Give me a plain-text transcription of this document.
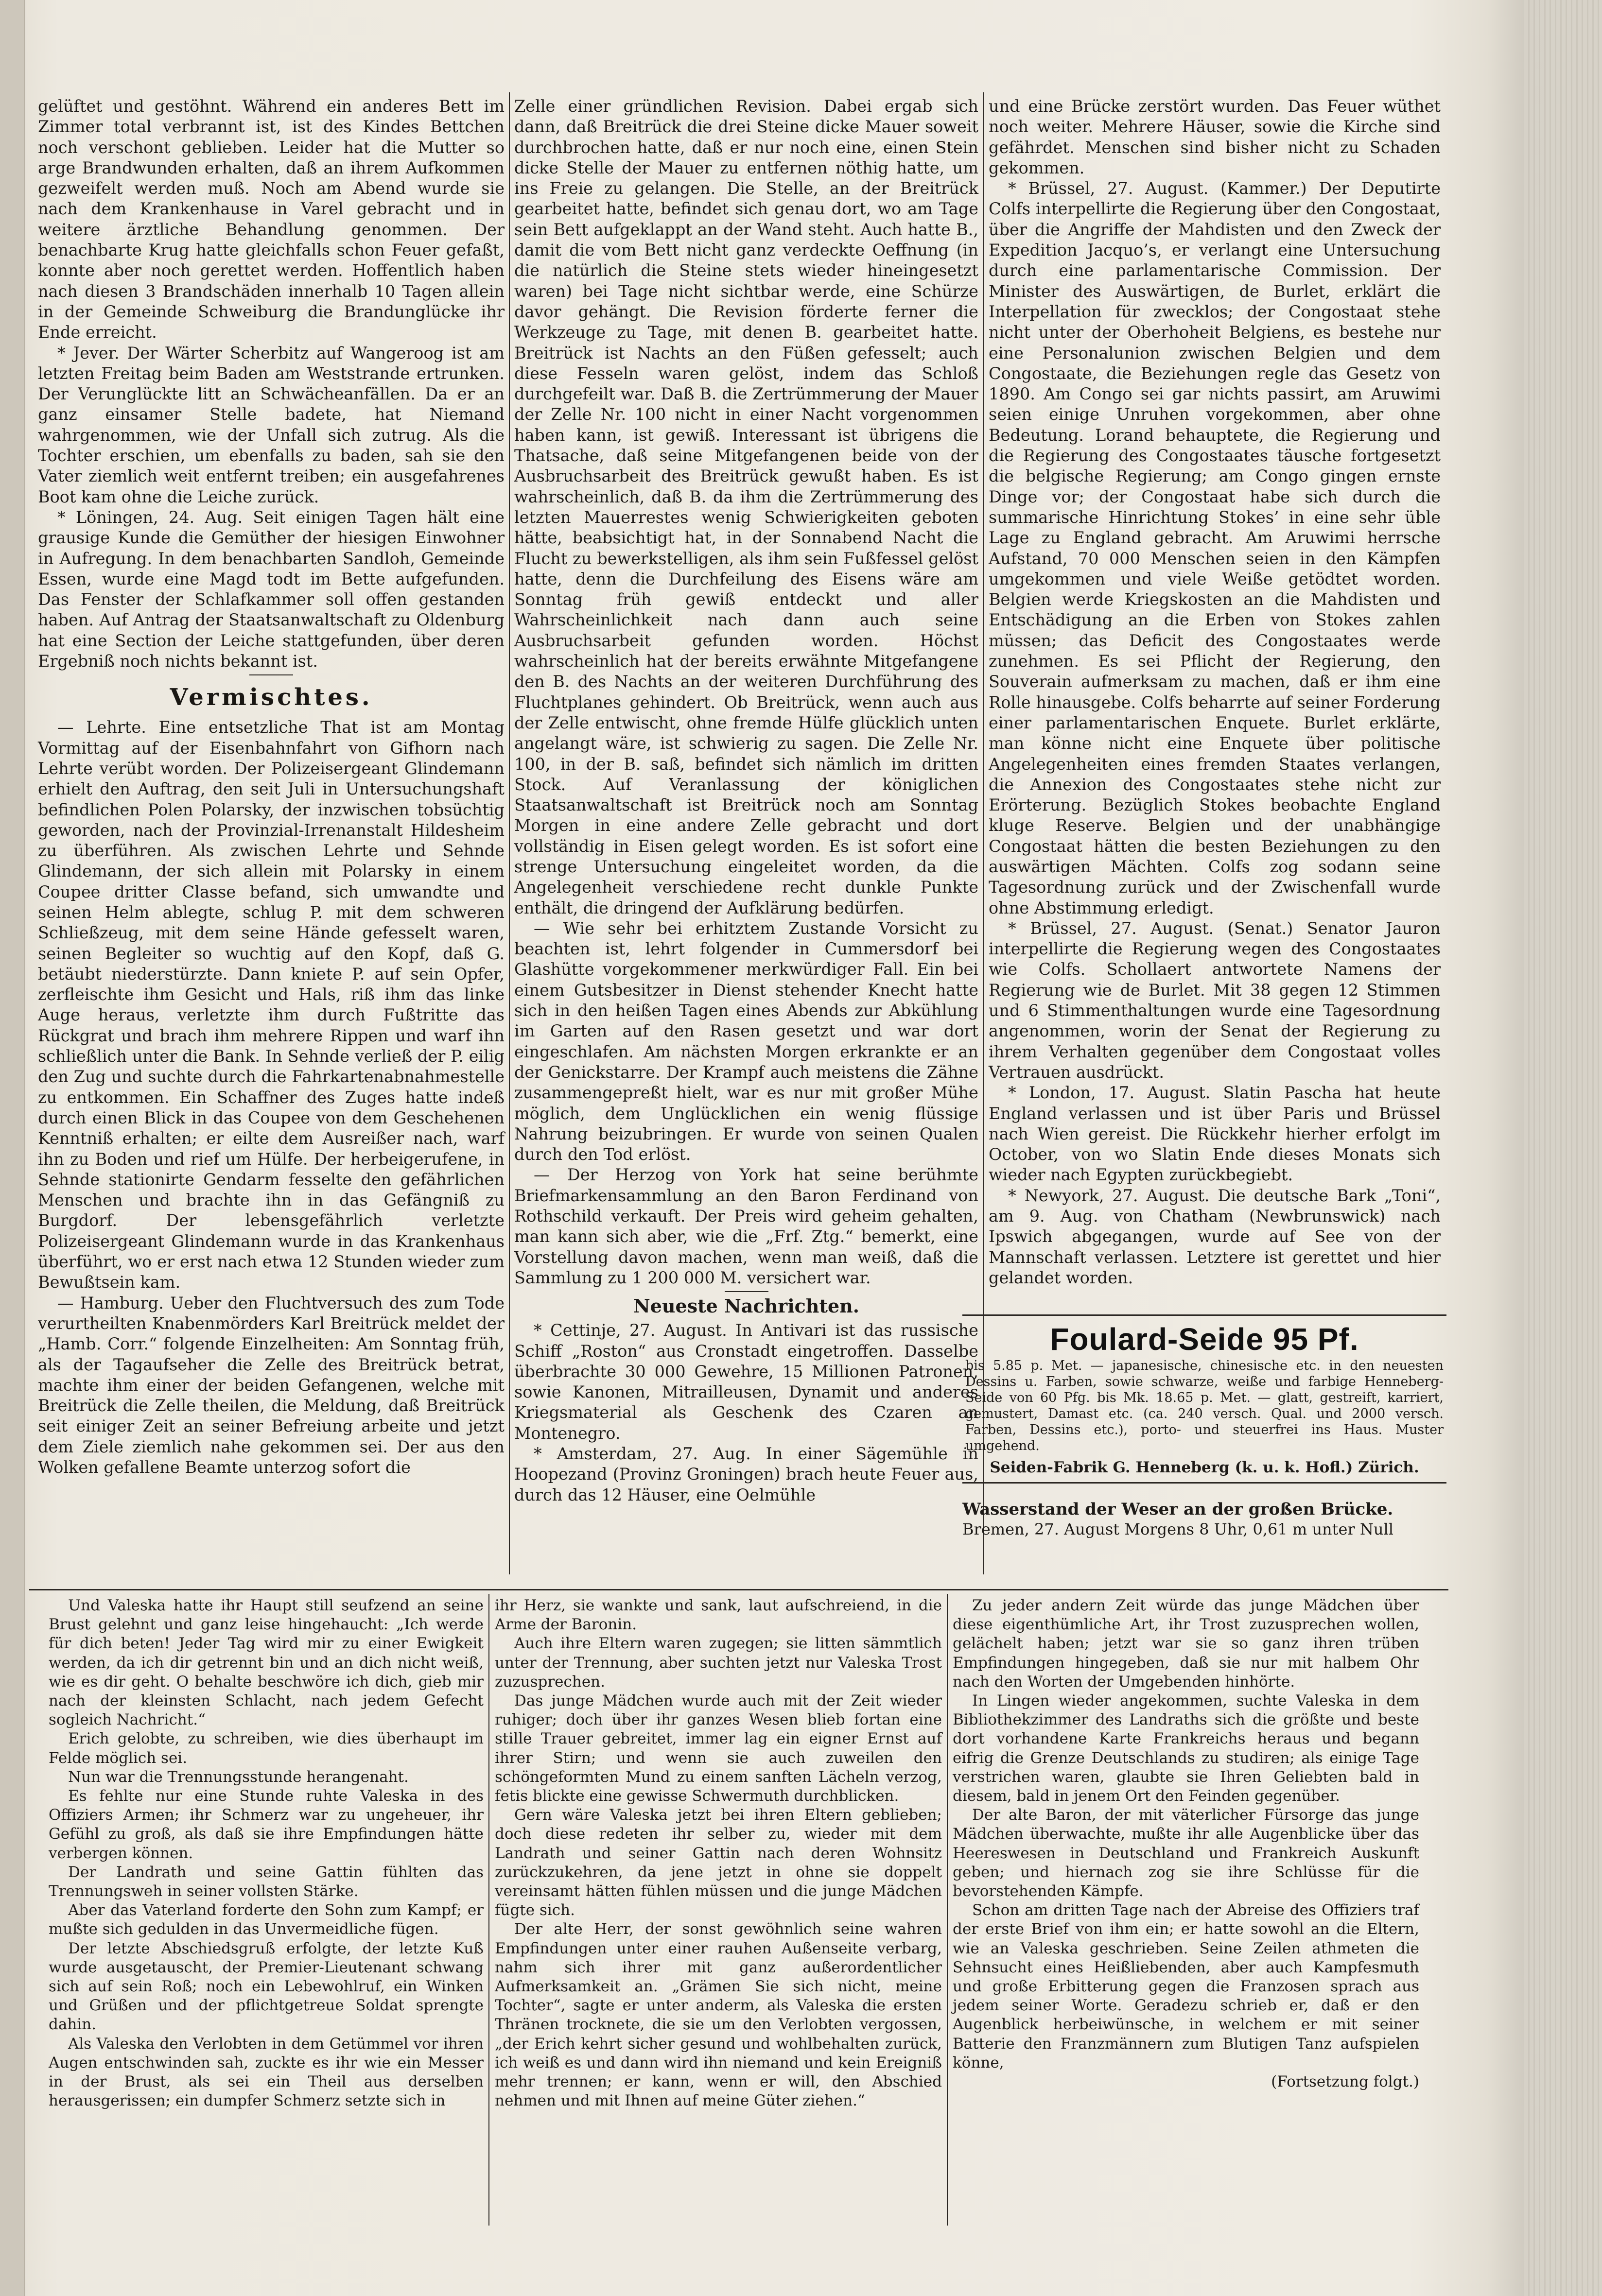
gelüftet und gestöhnt. Während ein anderes Bett im Zimmer total verbrannt ist, ist des Kindes Bettchen noch verschont geblieben. Leider hat die Mutter so arge Brandwunden erhalten, daß an ihrem Aufkommen gezweifelt werden muß. Noch am Abend wurde sie nach dem Krankenhause in Varel gebracht und in weitere ärztliche Behandlung genommen. Der benachbarte Krug hatte gleichfalls schon Feuer gefaßt, konnte aber noch gerettet werden. Hoffentlich haben nach diesen 3 Brandschäden innerhalb 10 Tagen allein in der Gemeinde Schweiburg die Brandunglücke ihr Ende erreicht.

* Jever. Der Wärter Scherbitz auf Wangeroog ist am letzten Freitag beim Baden am Weststrande ertrunken. Der Verunglückte litt an Schwächeanfällen. Da er an ganz einsamer Stelle badete, hat Niemand wahrgenommen, wie der Unfall sich zutrug. Als die Tochter erschien, um ebenfalls zu baden, sah sie den Vater ziemlich weit entfernt treiben; ein ausgefahrenes Boot kam ohne die Leiche zurück.

* Löningen, 24. Aug. Seit einigen Tagen hält eine grausige Kunde die Gemüther der hiesigen Einwohner in Aufregung. In dem benachbarten Sandloh, Gemeinde Essen, wurde eine Magd todt im Bette aufgefunden. Das Fenster der Schlafkammer soll offen gestanden haben. Auf Antrag der Staatsanwaltschaft zu Oldenburg hat eine Section der Leiche stattgefunden, über deren Ergebniß noch nichts bekannt ist.

Vermischtes.

— Lehrte. Eine entsetzliche That ist am Montag Vormittag auf der Eisenbahnfahrt von Gifhorn nach Lehrte verübt worden. Der Polizeisergeant Glindemann erhielt den Auftrag, den seit Juli in Untersuchungshaft befindlichen Polen Polarsky, der inzwischen tobsüchtig geworden, nach der Provinzial-Irrenanstalt Hildesheim zu überführen. Als zwischen Lehrte und Sehnde Glindemann, der sich allein mit Polarsky in einem Coupee dritter Classe befand, sich umwandte und seinen Helm ablegte, schlug P. mit dem schweren Schließzeug, mit dem seine Hände gefesselt waren, seinen Begleiter so wuchtig auf den Kopf, daß G. betäubt niederstürzte. Dann kniete P. auf sein Opfer, zerfleischte ihm Gesicht und Hals, riß ihm das linke Auge heraus, verletzte ihm durch Fußtritte das Rückgrat und brach ihm mehrere Rippen und warf ihn schließlich unter die Bank. In Sehnde verließ der P. eilig den Zug und suchte durch die Fahrkartenabnahmestelle zu entkommen. Ein Schaffner des Zuges hatte indeß durch einen Blick in das Coupee von dem Geschehenen Kenntniß erhalten; er eilte dem Ausreißer nach, warf ihn zu Boden und rief um Hülfe. Der herbeigerufene, in Sehnde stationirte Gendarm fesselte den gefährlichen Menschen und brachte ihn in das Gefängniß zu Burgdorf. Der lebensgefährlich verletzte Polizeisergeant Glindemann wurde in das Krankenhaus überführt, wo er erst nach etwa 12 Stunden wieder zum Bewußtsein kam.

— Hamburg. Ueber den Fluchtversuch des zum Tode verurtheilten Knabenmörders Karl Breitrück meldet der „Hamb. Corr.“ folgende Einzelheiten: Am Sonntag früh, als der Tagaufseher die Zelle des Breitrück betrat, machte ihm einer der beiden Gefangenen, welche mit Breitrück die Zelle theilen, die Meldung, daß Breitrück seit einiger Zeit an seiner Befreiung arbeite und jetzt dem Ziele ziemlich nahe gekommen sei. Der aus den Wolken gefallene Beamte unterzog sofort die

Zelle einer gründlichen Revision. Dabei ergab sich dann, daß Breitrück die drei Steine dicke Mauer soweit durchbrochen hatte, daß er nur noch eine, einen Stein dicke Stelle der Mauer zu entfernen nöthig hatte, um ins Freie zu gelangen. Die Stelle, an der Breitrück gearbeitet hatte, befindet sich genau dort, wo am Tage sein Bett aufgeklappt an der Wand steht. Auch hatte B., damit die vom Bett nicht ganz verdeckte Oeffnung (in die natürlich die Steine stets wieder hineingesetzt waren) bei Tage nicht sichtbar werde, eine Schürze davor gehängt. Die Revision förderte ferner die Werkzeuge zu Tage, mit denen B. gearbeitet hatte. Breitrück ist Nachts an den Füßen gefesselt; auch diese Fesseln waren gelöst, indem das Schloß durchgefeilt war. Daß B. die Zertrümmerung der Mauer der Zelle Nr. 100 nicht in einer Nacht vorgenommen haben kann, ist gewiß. Interessant ist übrigens die Thatsache, daß seine Mitgefangenen beide von der Ausbruchsarbeit des Breitrück gewußt haben. Es ist wahrscheinlich, daß B. da ihm die Zertrümmerung des letzten Mauerrestes wenig Schwierigkeiten geboten hätte, beabsichtigt hat, in der Sonnabend Nacht die Flucht zu bewerkstelligen, als ihm sein Fußfessel gelöst hatte, denn die Durchfeilung des Eisens wäre am Sonntag früh gewiß entdeckt und aller Wahrscheinlichkeit nach dann auch seine Ausbruchsarbeit gefunden worden. Höchst wahrscheinlich hat der bereits erwähnte Mitgefangene den B. des Nachts an der weiteren Durchführung des Fluchtplanes gehindert. Ob Breitrück, wenn auch aus der Zelle entwischt, ohne fremde Hülfe glücklich unten angelangt wäre, ist schwierig zu sagen. Die Zelle Nr. 100, in der B. saß, befindet sich nämlich im dritten Stock. Auf Veranlassung der königlichen Staatsanwaltschaft ist Breitrück noch am Sonntag Morgen in eine andere Zelle gebracht und dort vollständig in Eisen gelegt worden. Es ist sofort eine strenge Untersuchung eingeleitet worden, da die Angelegenheit verschiedene recht dunkle Punkte enthält, die dringend der Aufklärung bedürfen.

— Wie sehr bei erhitztem Zustande Vorsicht zu beachten ist, lehrt folgender in Cummersdorf bei Glashütte vorgekommener merkwürdiger Fall. Ein bei einem Gutsbesitzer in Dienst stehender Knecht hatte sich in den heißen Tagen eines Abends zur Abkühlung im Garten auf den Rasen gesetzt und war dort eingeschlafen. Am nächsten Morgen erkrankte er an der Genickstarre. Der Krampf auch meistens die Zähne zusammengepreßt hielt, war es nur mit großer Mühe möglich, dem Unglücklichen ein wenig flüssige Nahrung beizubringen. Er wurde von seinen Qualen durch den Tod erlöst.

— Der Herzog von York hat seine berühmte Briefmarkensammlung an den Baron Ferdinand von Rothschild verkauft. Der Preis wird geheim gehalten, man kann sich aber, wie die „Frf. Ztg.“ bemerkt, eine Vorstellung davon machen, wenn man weiß, daß die Sammlung zu 1 200 000 M. versichert war.

Neueste Nachrichten.

* Cettinje, 27. August. In Antivari ist das russische Schiff „Roston“ aus Cronstadt eingetroffen. Dasselbe überbrachte 30 000 Gewehre, 15 Millionen Patronen, sowie Kanonen, Mitrailleusen, Dynamit und anderes Kriegsmaterial als Geschenk des Czaren an Montenegro.

* Amsterdam, 27. Aug. In einer Sägemühle in Hoopezand (Provinz Groningen) brach heute Feuer aus, durch das 12 Häuser, eine Oelmühle

und eine Brücke zerstört wurden. Das Feuer wüthet noch weiter. Mehrere Häuser, sowie die Kirche sind gefährdet. Menschen sind bisher nicht zu Schaden gekommen.

* Brüssel, 27. August. (Kammer.) Der Deputirte Colfs interpellirte die Regierung über den Congostaat, über die Angriffe der Mahdisten und den Zweck der Expedition Jacquo’s, er verlangt eine Untersuchung durch eine parlamentarische Commission. Der Minister des Auswärtigen, de Burlet, erklärt die Interpellation für zwecklos; der Congostaat stehe nicht unter der Oberhoheit Belgiens, es bestehe nur eine Personalunion zwischen Belgien und dem Congostaate, die Beziehungen regle das Gesetz von 1890. Am Congo sei gar nichts passirt, am Aruwimi seien einige Unruhen vorgekommen, aber ohne Bedeutung. Lorand behauptete, die Regierung und die Regierung des Congostaates täusche fortgesetzt die belgische Regierung; am Congo gingen ernste Dinge vor; der Congostaat habe sich durch die summarische Hinrichtung Stokes’ in eine sehr üble Lage zu England gebracht. Am Aruwimi herrsche Aufstand, 70 000 Menschen seien in den Kämpfen umgekommen und viele Weiße getödtet worden. Belgien werde Kriegskosten an die Mahdisten und Entschädigung an die Erben von Stokes zahlen müssen; das Deficit des Congostaates werde zunehmen. Es sei Pflicht der Regierung, den Souverain aufmerksam zu machen, daß er ihm eine Rolle hinausgebe. Colfs beharrte auf seiner Forderung einer parlamentarischen Enquete. Burlet erklärte, man könne nicht eine Enquete über politische Angelegenheiten eines fremden Staates verlangen, die Annexion des Congostaates stehe nicht zur Erörterung. Bezüglich Stokes beobachte England kluge Reserve. Belgien und der unabhängige Congostaat hätten die besten Beziehungen zu den auswärtigen Mächten. Colfs zog sodann seine Tagesordnung zurück und der Zwischenfall wurde ohne Abstimmung erledigt.

* Brüssel, 27. August. (Senat.) Senator Jauron interpellirte die Regierung wegen des Congostaates wie Colfs. Schollaert antwortete Namens der Regierung wie de Burlet. Mit 38 gegen 12 Stimmen und 6 Stimmenthaltungen wurde eine Tagesordnung angenommen, worin der Senat der Regierung zu ihrem Verhalten gegenüber dem Congostaat volles Vertrauen ausdrückt.

* London, 17. August. Slatin Pascha hat heute England verlassen und ist über Paris und Brüssel nach Wien gereist. Die Rückkehr hierher erfolgt im October, von wo Slatin Ende dieses Monats sich wieder nach Egypten zurückbegiebt.

* Newyork, 27. August. Die deutsche Bark „Toni“, am 9. Aug. von Chatham (Newbrunswick) nach Ipswich abgegangen, wurde auf See von der Mannschaft verlassen. Letztere ist gerettet und hier gelandet worden.

Foulard-Seide 95 Pf.
bis 5.85 p. Met. — japanesische, chinesische etc. in den neuesten Dessins u. Farben, sowie schwarze, weiße und farbige Henneberg-Seide von 60 Pfg. bis Mk. 18.65 p. Met. — glatt, gestreift, karriert, gemustert, Damast etc. (ca. 240 versch. Qual. und 2000 versch. Farben, Dessins etc.), porto- und steuerfrei ins Haus. Muster umgehend.
Seiden-Fabrik G. Henneberg (k. u. k. Hofl.) Zürich.
Wasserstand der Weser an der großen Brücke.
Bremen, 27. August Morgens 8 Uhr, 0,61 m unter Null

Und Valeska hatte ihr Haupt still seufzend an seine Brust gelehnt und ganz leise hingehaucht: „Ich werde für dich beten! Jeder Tag wird mir zu einer Ewigkeit werden, da ich dir getrennt bin und an dich nicht weiß, wie es dir geht. O behalte beschwöre ich dich, gieb mir nach der kleinsten Schlacht, nach jedem Gefecht sogleich Nachricht.“

Erich gelobte, zu schreiben, wie dies überhaupt im Felde möglich sei.

Nun war die Trennungsstunde herangenaht.

Es fehlte nur eine Stunde ruhte Valeska in des Offiziers Armen; ihr Schmerz war zu ungeheuer, ihr Gefühl zu groß, als daß sie ihre Empfindungen hätte verbergen können.

Der Landrath und seine Gattin fühlten das Trennungsweh in seiner vollsten Stärke.

Aber das Vaterland forderte den Sohn zum Kampf; er mußte sich gedulden in das Unvermeidliche fügen.

Der letzte Abschiedsgruß erfolgte, der letzte Kuß wurde ausgetauscht, der Premier-Lieutenant schwang sich auf sein Roß; noch ein Lebewohlruf, ein Winken und Grüßen und der pflichtgetreue Soldat sprengte dahin.

Als Valeska den Verlobten in dem Getümmel vor ihren Augen entschwinden sah, zuckte es ihr wie ein Messer in der Brust, als sei ein Theil aus derselben herausgerissen; ein dumpfer Schmerz setzte sich in

ihr Herz, sie wankte und sank, laut aufschreiend, in die Arme der Baronin.

Auch ihre Eltern waren zugegen; sie litten sämmtlich unter der Trennung, aber suchten jetzt nur Valeska Trost zuzusprechen.

Das junge Mädchen wurde auch mit der Zeit wieder ruhiger; doch über ihr ganzes Wesen blieb fortan eine stille Trauer gebreitet, immer lag ein eigner Ernst auf ihrer Stirn; und wenn sie auch zuweilen den schöngeformten Mund zu einem sanften Lächeln verzog, fetis blickte eine gewisse Schwermuth durchblicken.

Gern wäre Valeska jetzt bei ihren Eltern geblieben; doch diese redeten ihr selber zu, wieder mit dem Landrath und seiner Gattin nach deren Wohnsitz zurückzukehren, da jene jetzt in ohne sie doppelt vereinsamt hätten fühlen müssen und die junge Mädchen fügte sich.

Der alte Herr, der sonst gewöhnlich seine wahren Empfindungen unter einer rauhen Außenseite verbarg, nahm sich ihrer mit ganz außerordentlicher Aufmerksamkeit an. „Grämen Sie sich nicht, meine Tochter“, sagte er unter anderm, als Valeska die ersten Thränen trocknete, die sie um den Verlobten vergossen, „der Erich kehrt sicher gesund und wohlbehalten zurück, ich weiß es und dann wird ihn niemand und kein Ereigniß mehr trennen; er kann, wenn er will, den Abschied nehmen und mit Ihnen auf meine Güter ziehen.“

Zu jeder andern Zeit würde das junge Mädchen über diese eigenthümliche Art, ihr Trost zuzusprechen wollen, gelächelt haben; jetzt war sie so ganz ihren trüben Empfindungen hingegeben, daß sie nur mit halbem Ohr nach den Worten der Umgebenden hinhörte.

In Lingen wieder angekommen, suchte Valeska in dem Bibliothekzimmer des Landraths sich die größte und beste dort vorhandene Karte Frankreichs heraus und begann eifrig die Grenze Deutschlands zu studiren; als einige Tage verstrichen waren, glaubte sie Ihren Geliebten bald in diesem, bald in jenem Ort den Feinden gegenüber.

Der alte Baron, der mit väterlicher Fürsorge das junge Mädchen überwachte, mußte ihr alle Augenblicke über das Heereswesen in Deutschland und Frankreich Auskunft geben; und hiernach zog sie ihre Schlüsse für die bevorstehenden Kämpfe.

Schon am dritten Tage nach der Abreise des Offiziers traf der erste Brief von ihm ein; er hatte sowohl an die Eltern, wie an Valeska geschrieben. Seine Zeilen athmeten die Sehnsucht eines Heißliebenden, aber auch Kampfesmuth und große Erbitterung gegen die Franzosen sprach aus jedem seiner Worte. Geradezu schrieb er, daß er den Augenblick herbeiwünsche, in welchem er mit seiner Batterie den Franzmännern zum Blutigen Tanz aufspielen könne,

(Fortsetzung folgt.)
